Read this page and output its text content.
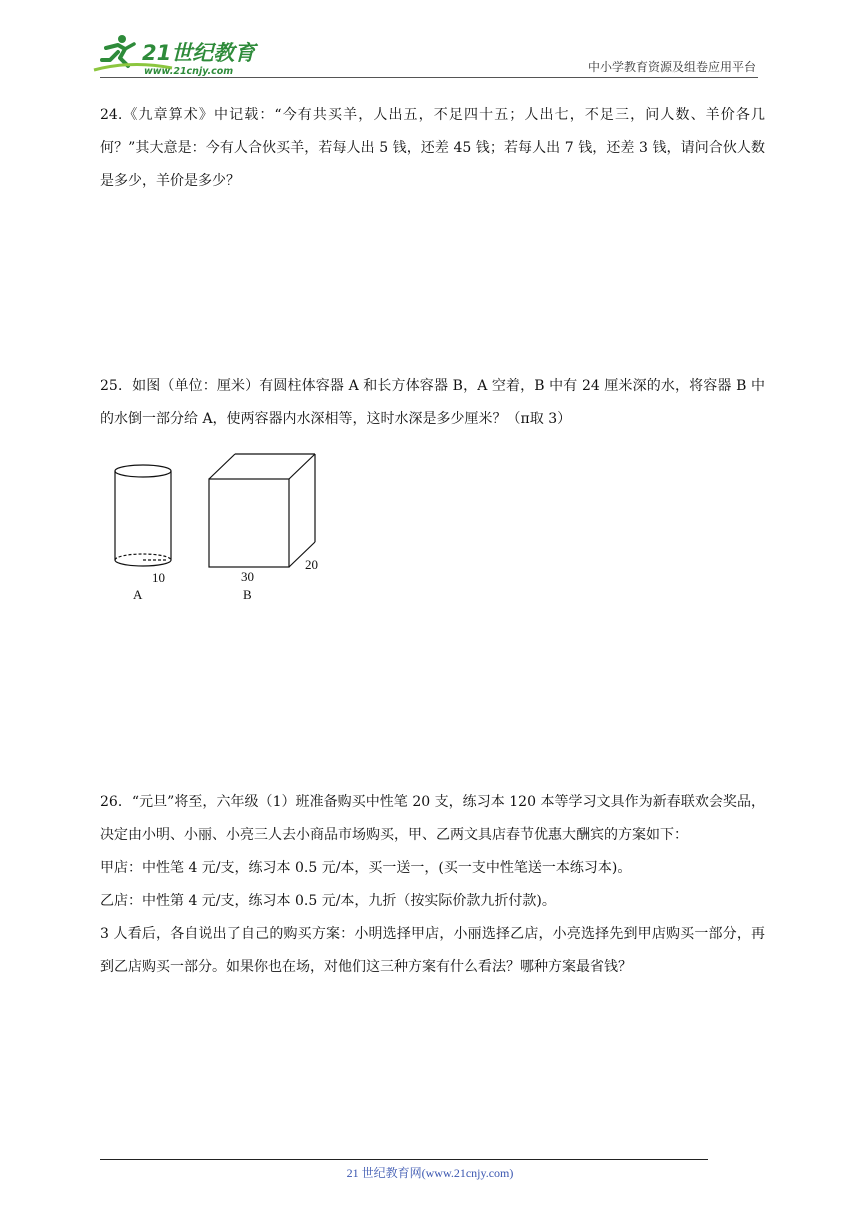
21世纪教育
www.21cnjy.com	中小学教育资源及组卷应用平台

24.《九章算术》中记载：“今有共买羊，人出五，不足四十五；人出七，不足三，问人数、羊价各几何？”其大意是：今有人合伙买羊，若每人出 5 钱，还差 45 钱；若每人出 7 钱，还差 3 钱，请问合伙人数是多少，羊价是多少？

25．如图（单位：厘米）有圆柱体容器 A 和长方体容器 B，A 空着，B 中有 24 厘米深的水，将容器 B 中的水倒一部分给 A，使两容器内水深相等，这时水深是多少厘米？（π取 3）

10
A
30
20
B

26．“元旦”将至，六年级（1）班准备购买中性笔 20 支，练习本 120 本等学习文具作为新春联欢会奖品，决定由小明、小丽、小亮三人去小商品市场购买，甲、乙两文具店春节优惠大酬宾的方案如下：

甲店：中性笔 4 元/支，练习本 0.5 元/本，买一送一，(买一支中性笔送一本练习本)。

乙店：中性第 4 元/支，练习本 0.5 元/本，九折（按实际价款九折付款)。

3 人看后，各自说出了自己的购买方案：小明选择甲店，小丽选择乙店，小亮选择先到甲店购买一部分，再到乙店购买一部分。如果你也在场，对他们这三种方案有什么看法？哪种方案最省钱？

21 世纪教育网(www.21cnjy.com)
